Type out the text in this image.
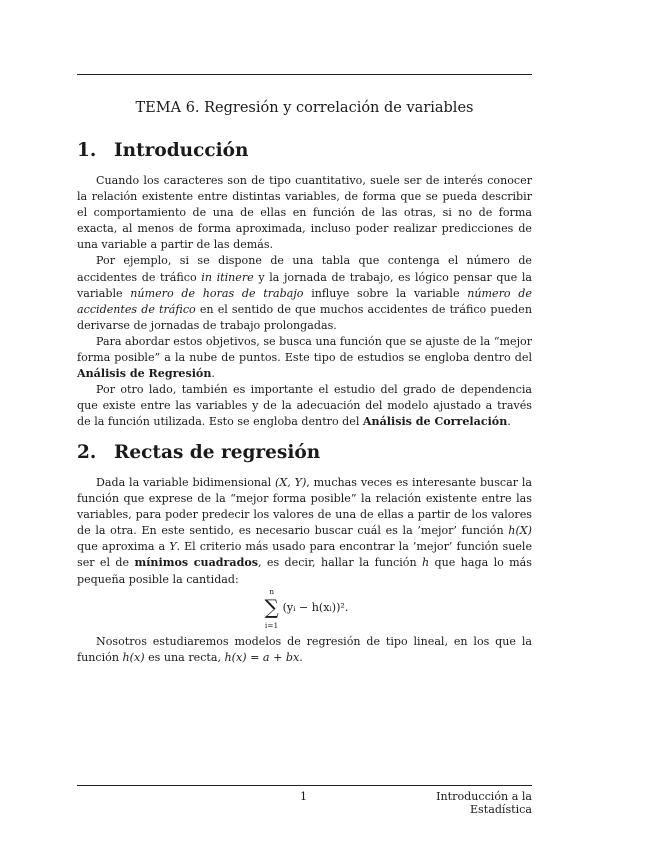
TEMA 6. Regresión y correlación de variables
1. Introducción

Cuando los caracteres son de tipo cuantitativo, suele ser de interés conocer la relación existente entre distintas variables, de forma que se pueda describir el comportamiento de una de ellas en función de las otras, si no de forma exacta, al menos de forma aproximada, incluso poder realizar predicciones de una variable a partir de las demás.

Por ejemplo, si se dispone de una tabla que contenga el número de accidentes de tráfico in itinere y la jornada de trabajo, es lógico pensar que la variable número de horas de trabajo influye sobre la variable número de accidentes de tráfico en el sentido de que muchos accidentes de tráfico pueden derivarse de jornadas de trabajo prolongadas.

Para abordar estos objetivos, se busca una función que se ajuste de la “mejor forma posible” a la nube de puntos. Este tipo de estudios se engloba dentro del Análisis de Regresión.

Por otro lado, también es importante el estudio del grado de dependencia que existe entre las variables y de la adecuación del modelo ajustado a través de la función utilizada. Esto se engloba dentro del Análisis de Correlación.

2. Rectas de regresión

Dada la variable bidimensional (X, Y), muchas veces es interesante buscar la función que exprese de la “mejor forma posible” la relación existente entre las variables, para poder predecir los valores de una de ellas a partir de los valores de la otra. En este sentido, es necesario buscar cuál es la ’mejor’ función h(X) que aproxima a Y. El criterio más usado para encontrar la ’mejor’ función suele ser el de mínimos cuadrados, es decir, hallar la función h que haga lo más pequeña posible la cantidad:

n
∑
i=1
(yᵢ − h(xᵢ))².

Nosotros estudiaremos modelos de regresión de tipo lineal, en los que la función h(x) es una recta, h(x) = a + bx.

1	Introducción a la Estadística
